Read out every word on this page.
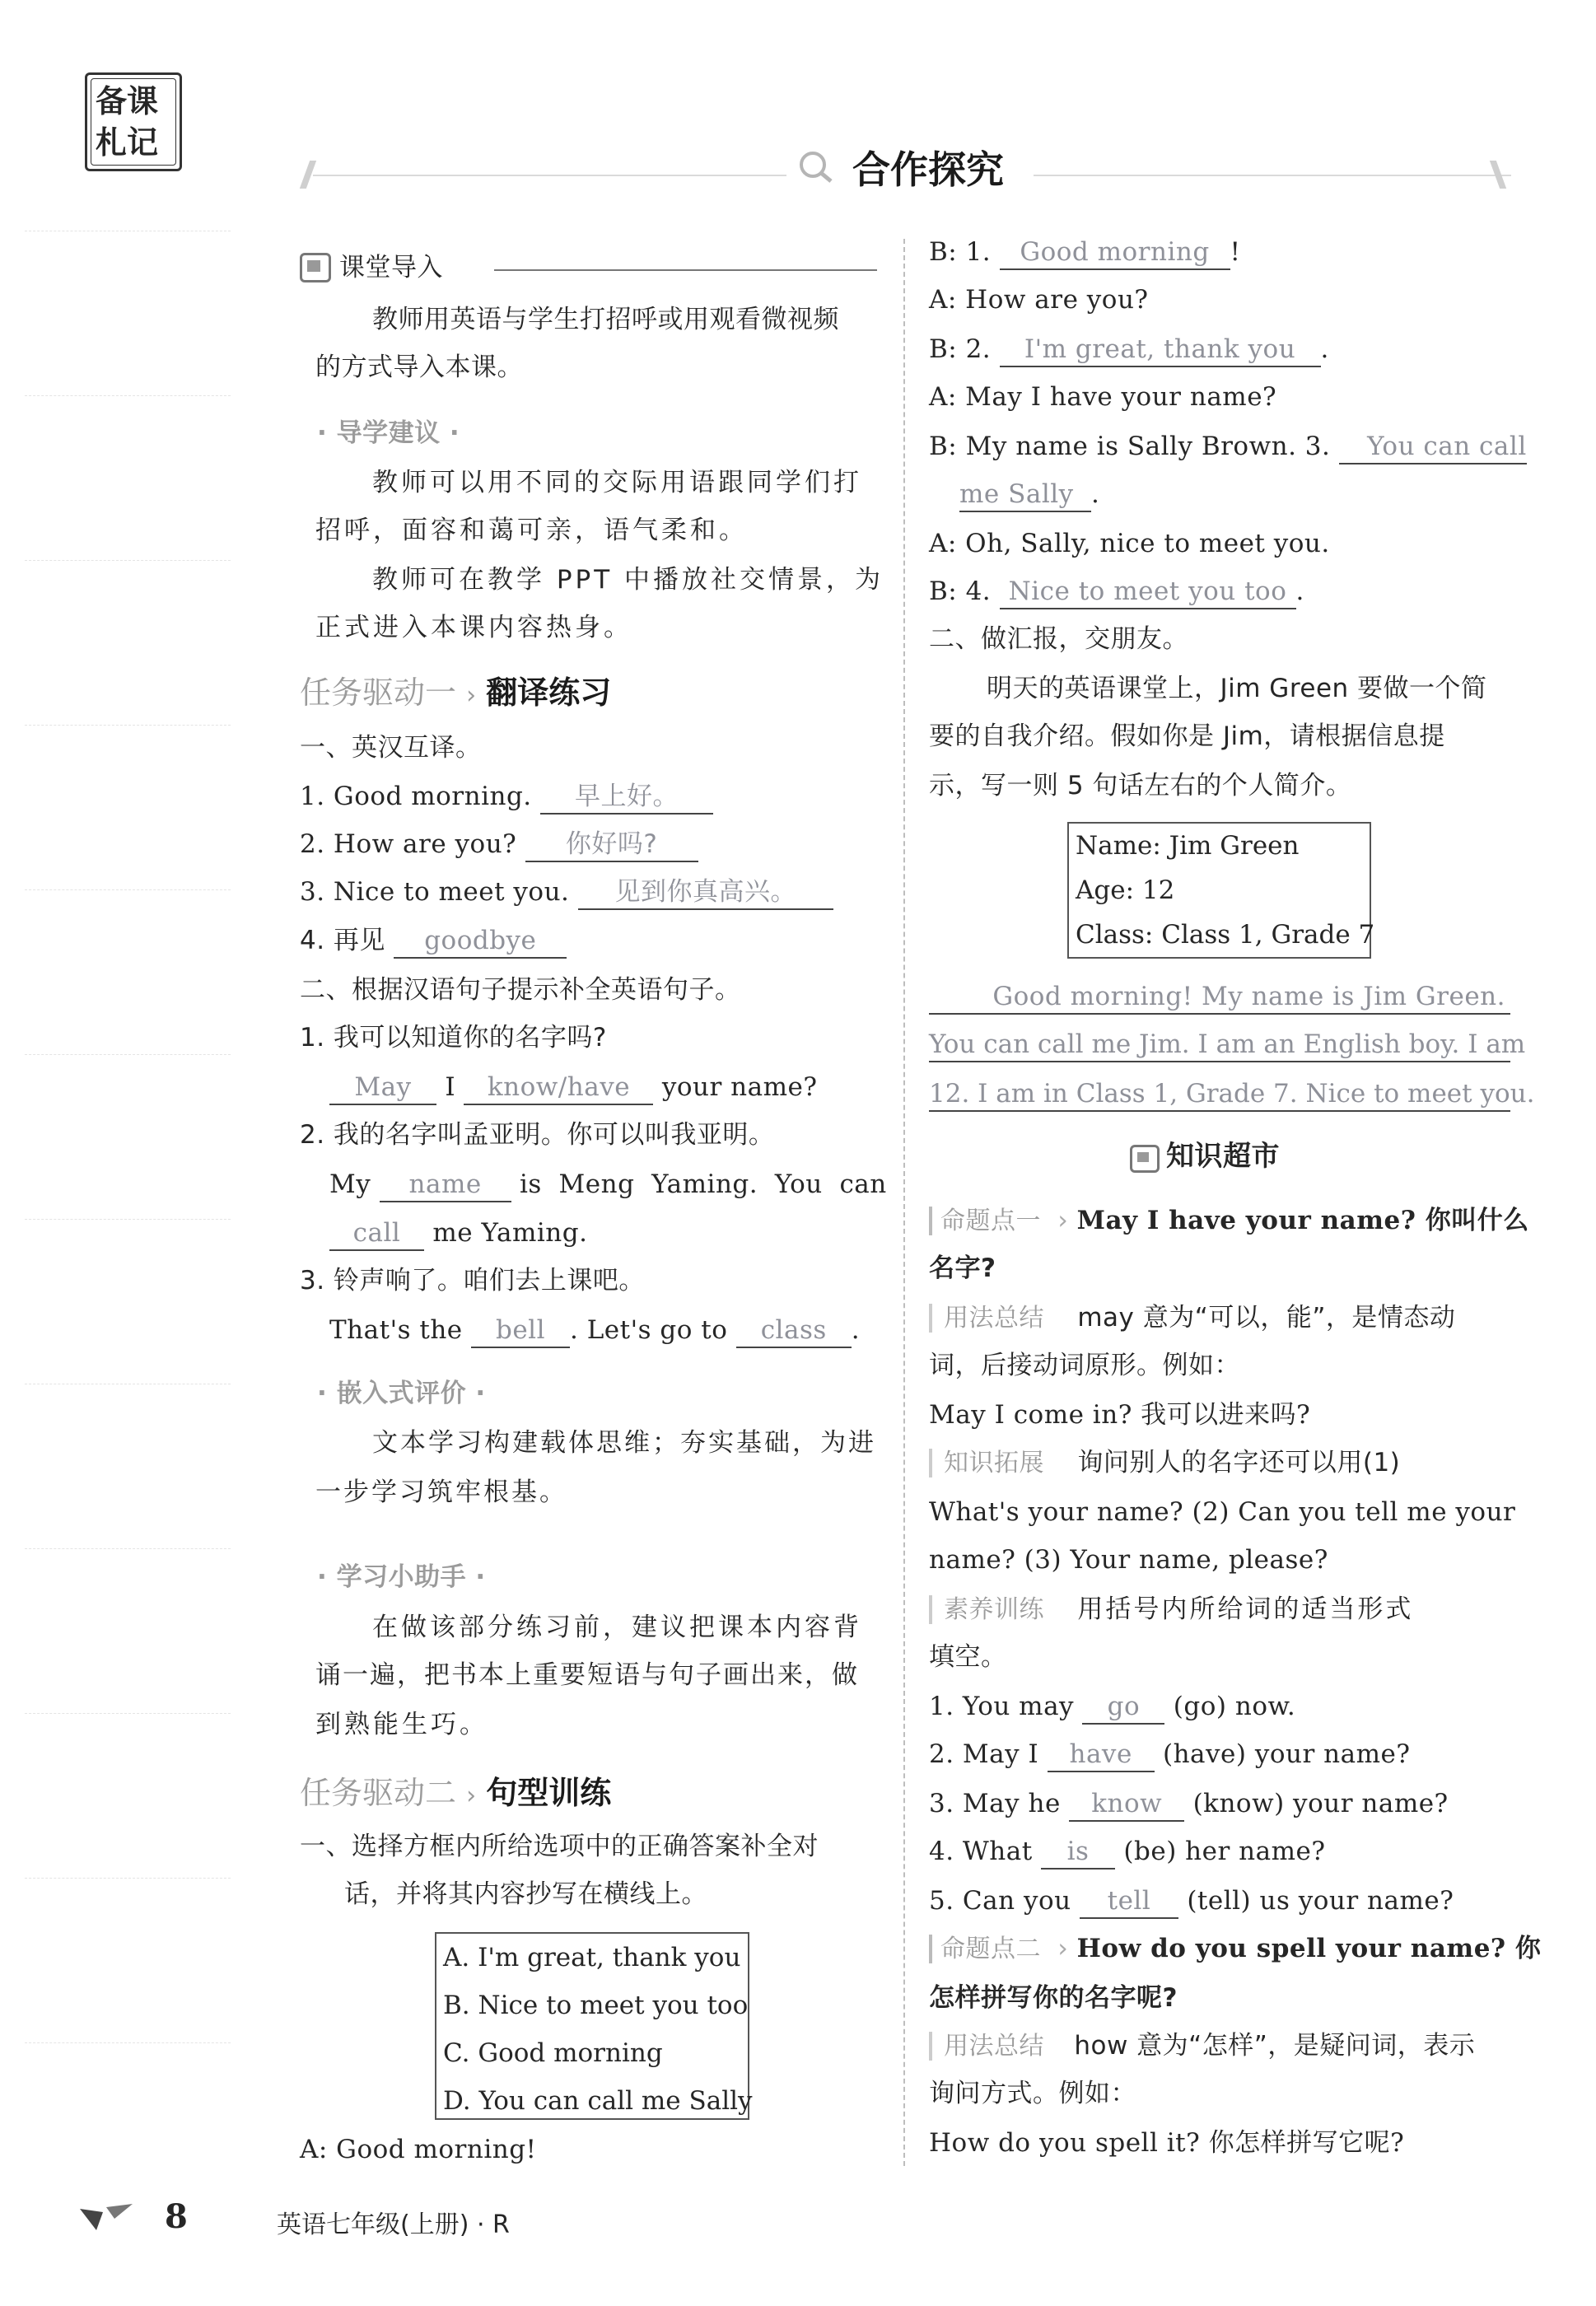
备课
札记
合作探究
课堂导入
教师用英语与学生打招呼或用观看微视频
的方式导入本课。
· 导学建议 ·
教师可以用不同的交际用语跟同学们打
招呼，面容和蔼可亲，语气柔和。
教师可在教学 PPT 中播放社交情景，为
正式进入本课内容热身。
任务驱动一 › 翻译练习
一、英汉互译。
1. Good morning. 早上好。
2. How are you? 你好吗?
3. Nice to meet you. 见到你真高兴。
4. 再见 goodbye
二、根据汉语句子提示补全英语句子。
1. 我可以知道你的名字吗?
May I know/have your name?
2. 我的名字叫孟亚明。你可以叫我亚明。
My name is  Meng  Yaming.  You  can
call me Yaming.
3. 铃声响了。咱们去上课吧。
That's the bell . Let's go to class .
· 嵌入式评价 ·
文本学习构建载体思维；夯实基础，为进
一步学习筑牢根基。
· 学习小助手 ·
在做该部分练习前，建议把课本内容背
诵一遍，把书本上重要短语与句子画出来，做
到熟能生巧。
任务驱动二 › 句型训练
一、选择方框内所给选项中的正确答案补全对
话，并将其内容抄写在横线上。
A. I'm great, thank you
B. Nice to meet you too
C. Good morning
D. You can call me Sally
A: Good morning!
B: 1. Good morning !
A: How are you?
B: 2. I'm great, thank you .
A: May I have your name?
B: My name is Sally Brown. 3. You can call
me Sally .
A: Oh, Sally, nice to meet you.
B: 4. Nice to meet you too .
二、做汇报，交朋友。
明天的英语课堂上，Jim Green 要做一个简
要的自我介绍。假如你是 Jim，请根据信息提
示，写一则 5 句话左右的个人简介。
Name: Jim Green
Age: 12
Class: Class 1, Grade 7
Good morning! My name is Jim Green.
You can call me Jim. I am an English boy. I am
12. I am in Class 1, Grade 7. Nice to meet you.
知识超市
命题点一 › May I have your name? 你叫什么
名字?
用法总结 may 意为“可以，能”，是情态动
词，后接动词原形。例如：
May I come in? 我可以进来吗?
知识拓展 询问别人的名字还可以用(1)
What's your name? (2) Can you tell me your
name? (3) Your name, please?
素养训练 用括号内所给词的适当形式
填空。
1. You may go (go) now.
2. May I have (have) your name?
3. May he know (know) your name?
4. What is (be) her name?
5. Can you tell (tell) us your name?
命题点二 › How do you spell your name? 你
怎样拼写你的名字呢?
用法总结 how 意为“怎样”，是疑问词，表示
询问方式。例如：
How do you spell it? 你怎样拼写它呢?
8	英语七年级(上册) · R
